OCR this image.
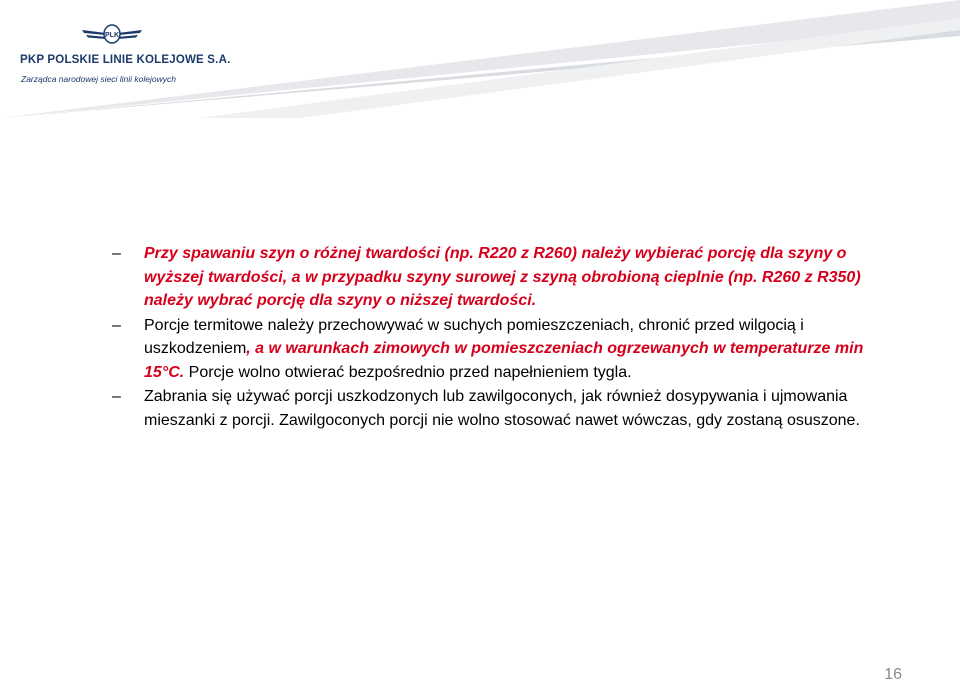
PLK
PKP POLSKIE LINIE KOLEJOWE S.A.
Zarządca narodowej sieci linii kolejowych
–	Przy spawaniu szyn o różnej twardości (np. R220 z R260) należy wybierać porcję dla szyny o wyższej twardości, a w przypadku szyny surowej z szyną obrobioną cieplnie (np. R260 z R350) należy wybrać porcję dla szyny o niższej twardości.
–	Porcje termitowe należy przechowywać w suchych pomieszczeniach, chronić przed wilgocią i uszkodzeniem, a w warunkach zimowych w pomieszczeniach ogrzewanych w temperaturze min 15°C. Porcje wolno otwierać bezpośrednio przed napełnieniem tygla.
–	Zabrania się używać porcji uszkodzonych lub zawilgoconych, jak również dosypywania i ujmowania mieszanki z porcji. Zawilgoconych porcji nie wolno stosować nawet wówczas, gdy zostaną osuszone.
16
